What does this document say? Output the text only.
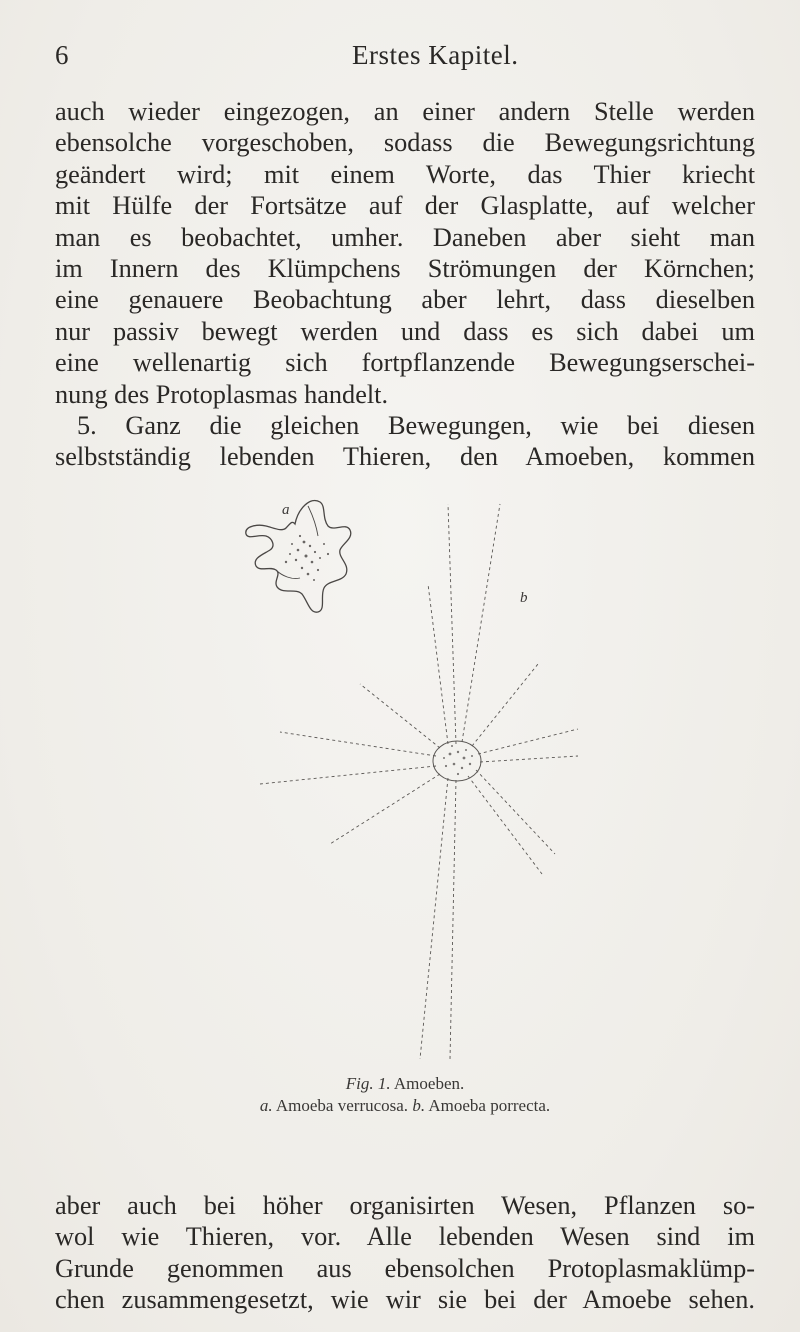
6	Erstes Kapitel.
auch wieder eingezogen, an einer andern Stelle werden
ebensolche vorgeschoben, sodass die Bewegungsrichtung
geändert wird; mit einem Worte, das Thier kriecht
mit Hülfe der Fortsätze auf der Glasplatte, auf welcher
man es beobachtet, umher. Daneben aber sieht man
im Innern des Klümpchens Strömungen der Körnchen;
eine genauere Beobachtung aber lehrt, dass dieselben
nur passiv bewegt werden und dass es sich dabei um
eine wellenartig sich fortpflanzende Bewegungserschei-
nung des Protoplasmas handelt.
5. Ganz die gleichen Bewegungen, wie bei diesen
selbstständig lebenden Thieren, den Amoeben, kommen
a
b
Fig. 1. Amoeben.
a. Amoeba verrucosa. b. Amoeba porrecta.
aber auch bei höher organisirten Wesen, Pflanzen so-
wol wie Thieren, vor. Alle lebenden Wesen sind im
Grunde genommen aus ebensolchen Protoplasmaklümp-
chen zusammengesetzt, wie wir sie bei der Amoebe sehen.
